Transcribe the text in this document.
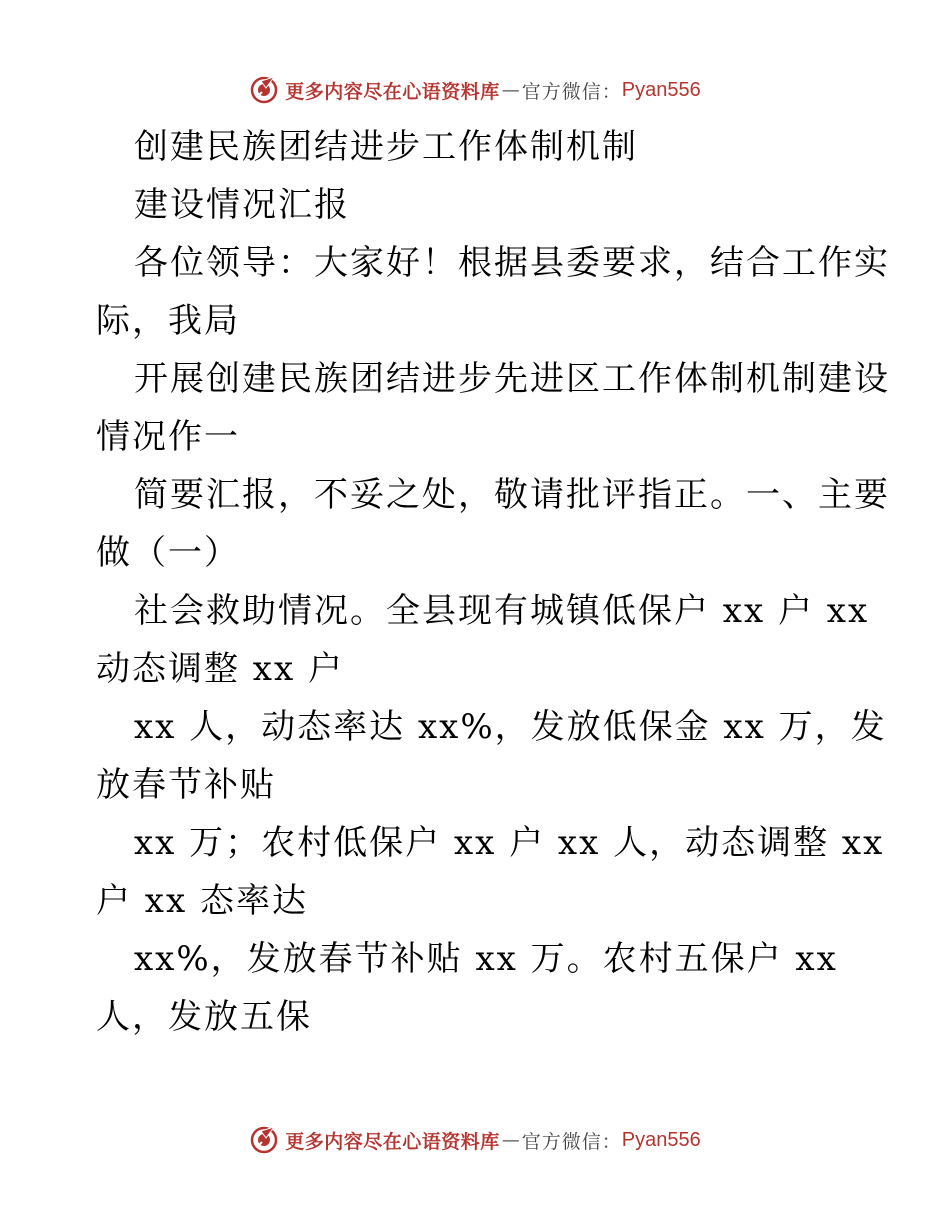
更多内容尽在心语资料库 — 官方微信： Pyan556
创建民族团结进步工作体制机制
建设情况汇报
各位领导：大家好！根据县委要求，结合工作实
际，我局
开展创建民族团结进步先进区工作体制机制建设
情况作一
简要汇报，不妥之处，敬请批评指正。一、主要
做（一）
社会救助情况。全县现有城镇低保户 xx 户 xx
动态调整 xx 户
xx 人，动态率达 xx%，发放低保金 xx 万，发
放春节补贴
xx 万；农村低保户 xx 户 xx 人，动态调整 xx
户 xx 态率达
xx%，发放春节补贴 xx 万。农村五保户 xx
人，发放五保
更多内容尽在心语资料库 — 官方微信： Pyan556
